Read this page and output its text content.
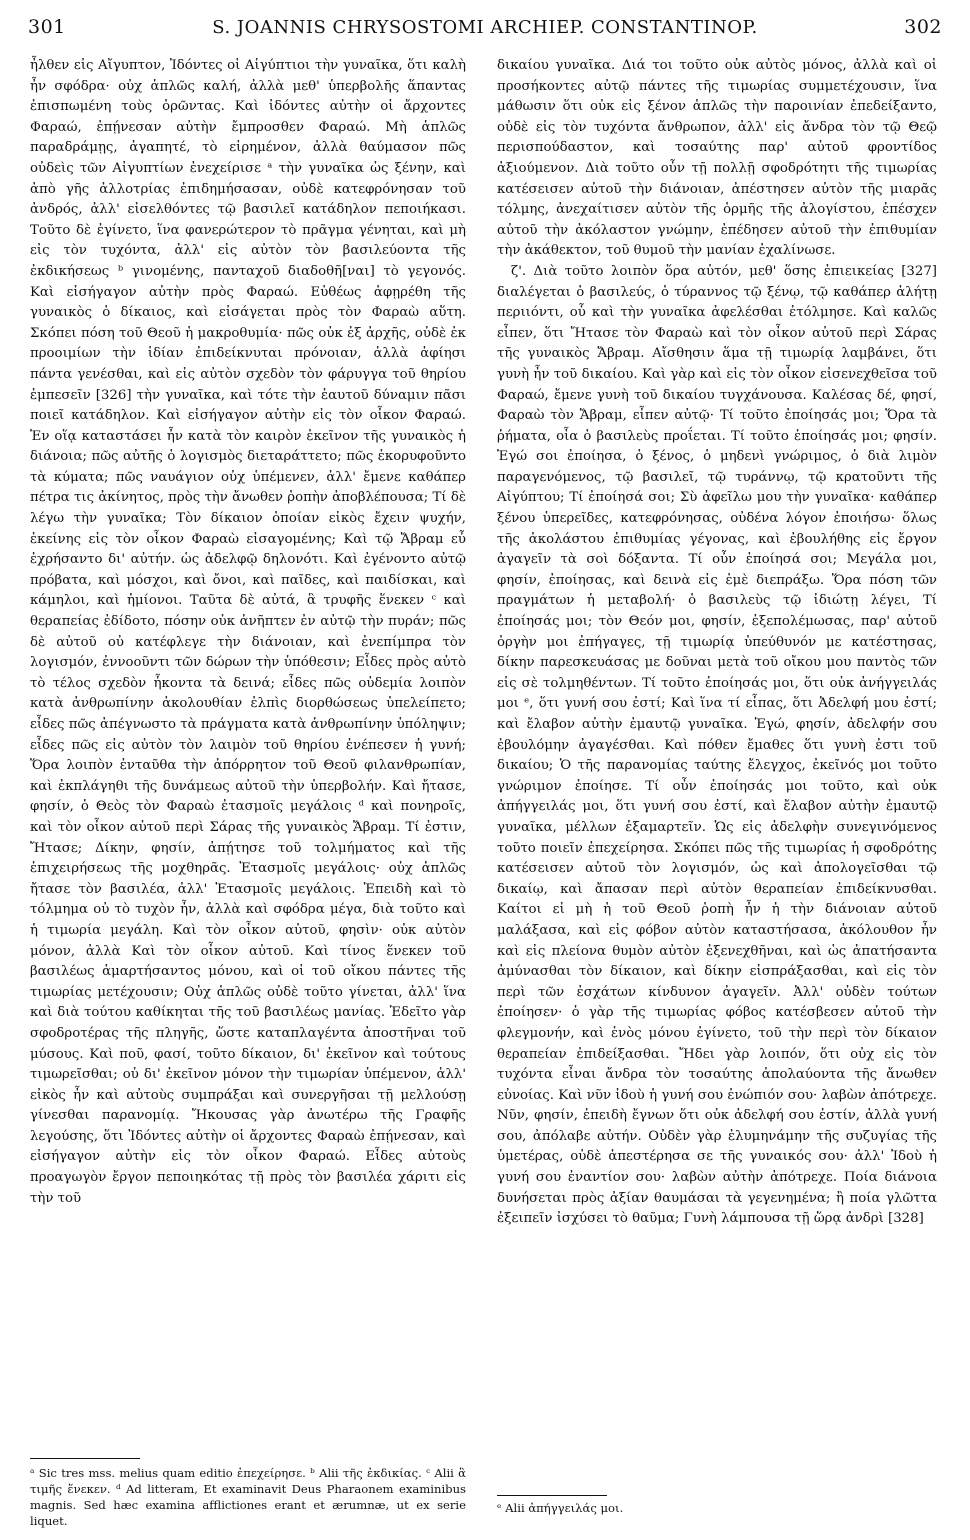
301	S. JOANNIS CHRYSOSTOMI ARCHIEP. CONSTANTINOP.	302

ἦλθεν εἰς Αἴγυπτον, Ἰδόντες οἱ Αἰγύπτιοι τὴν γυναῖκα, ὅτι καλὴ ἦν σφόδρα· οὐχ ἁπλῶς καλή, ἀλλὰ μεθ' ὑπερβολῆς ἅπαντας ἐπισπωμένη τοὺς ὁρῶντας. Καὶ ἰδόντες αὐτὴν οἱ ἄρχοντες Φαραώ, ἐπῄνεσαν αὐτὴν ἔμπροσθεν Φαραώ. Μὴ ἁπλῶς παραδράμῃς, ἀγαπητέ, τὸ εἰρημένον, ἀλλὰ θαύμασον πῶς οὐδεὶς τῶν Αἰγυπτίων ἐνεχείρισε ᵃ τὴν γυναῖκα ὡς ξένην, καὶ ἀπὸ γῆς ἀλλοτρίας ἐπιδημήσασαν, οὐδὲ κατεφρόνησαν τοῦ ἀνδρός, ἀλλ' εἰσελθόντες τῷ βασιλεῖ κατάδηλον πεποιήκασι. Τοῦτο δὲ ἐγίνετο, ἵνα φανερώτερον τὸ πρᾶγμα γένηται, καὶ μὴ εἰς τὸν τυχόντα, ἀλλ' εἰς αὐτὸν τὸν βασιλεύοντα τῆς ἐκδικήσεως ᵇ γινομένης, πανταχοῦ διαδοθῆ[ναι] τὸ γεγονός. Καὶ εἰσήγαγον αὐτὴν πρὸς Φαραώ. Εὐθέως ἀφῃρέθη τῆς γυναικὸς ὁ δίκαιος, καὶ εἰσάγεται πρὸς τὸν Φαραὼ αὕτη. Σκόπει πόση τοῦ Θεοῦ ἡ μακροθυμία· πῶς οὐκ ἐξ ἀρχῆς, οὐδὲ ἐκ προοιμίων τὴν ἰδίαν ἐπιδείκνυται πρόνοιαν, ἀλλὰ ἀφίησι πάντα γενέσθαι, καὶ εἰς αὐτὸν σχεδὸν τὸν φάρυγγα τοῦ θηρίου ἐμπεσεῖν [326] τὴν γυναῖκα, καὶ τότε τὴν ἑαυτοῦ δύναμιν πᾶσι ποιεῖ κατάδηλον. Καὶ εἰσήγαγον αὐτὴν εἰς τὸν οἶκον Φαραώ. Ἐν οἵᾳ καταστάσει ἦν κατὰ τὸν καιρὸν ἐκεῖνον τῆς γυναικὸς ἡ διάνοια; πῶς αὐτῆς ὁ λογισμὸς διεταράττετο; πῶς ἐκορυφοῦντο τὰ κύματα; πῶς ναυάγιον οὐχ ὑπέμενεν, ἀλλ' ἔμενε καθάπερ πέτρα τις ἀκίνητος, πρὸς τὴν ἄνωθεν ῥοπὴν ἀποβλέπουσα; Τί δὲ λέγω τὴν γυναῖκα; Τὸν δίκαιον ὁποίαν εἰκὸς ἔχειν ψυχήν, ἐκείνης εἰς τὸν οἶκον Φαραὼ εἰσαγομένης; Καὶ τῷ Ἄβραμ εὖ ἐχρήσαντο δι' αὐτήν. ὡς ἀδελφῷ δηλονότι. Καὶ ἐγένοντο αὐτῷ πρόβατα, καὶ μόσχοι, καὶ ὄνοι, καὶ παῖδες, καὶ παιδίσκαι, καὶ κάμηλοι, καὶ ἡμίονοι. Ταῦτα δὲ αὐτά, ἃ τρυφῆς ἕνεκεν ᶜ καὶ θεραπείας ἐδίδοτο, πόσην οὐκ ἀνῆπτεν ἐν αὐτῷ τὴν πυράν; πῶς δὲ αὐτοῦ οὐ κατέφλεγε τὴν διάνοιαν, καὶ ἐνεπίμπρα τὸν λογισμόν, ἐννοοῦντι τῶν δώρων τὴν ὑπόθεσιν; Εἶδες πρὸς αὐτὸ τὸ τέλος σχεδὸν ἧκοντα τὰ δεινά; εἶδες πῶς οὐδεμία λοιπὸν κατὰ ἀνθρωπίνην ἀκολουθίαν ἐλπὶς διορθώσεως ὑπελείπετο; εἶδες πῶς ἀπέγνωστο τὰ πράγματα κατὰ ἀνθρωπίνην ὑπόληψιν; εἶδες πῶς εἰς αὐτὸν τὸν λαιμὸν τοῦ θηρίου ἐνέπεσεν ἡ γυνή; Ὅρα λοιπὸν ἐνταῦθα τὴν ἀπόρρητον τοῦ Θεοῦ φιλανθρωπίαν, καὶ ἐκπλάγηθι τῆς δυνάμεως αὐτοῦ τὴν ὑπερβολήν. Καὶ ἤτασε, φησίν, ὁ Θεὸς τὸν Φαραὼ ἐτασμοῖς μεγάλοις ᵈ καὶ πονηροῖς, καὶ τὸν οἶκον αὐτοῦ περὶ Σάρας τῆς γυναικὸς Ἄβραμ. Τί ἐστιν, Ἤτασε; Δίκην, φησίν, ἀπῄτησε τοῦ τολμήματος καὶ τῆς ἐπιχειρήσεως τῆς μοχθηρᾶς. Ἐτασμοῖς μεγάλοις· οὐχ ἁπλῶς ἤτασε τὸν βασιλέα, ἀλλ' Ἐτασμοῖς μεγάλοις. Ἐπειδὴ καὶ τὸ τόλμημα οὐ τὸ τυχὸν ἦν, ἀλλὰ καὶ σφόδρα μέγα, διὰ τοῦτο καὶ ἡ τιμωρία μεγάλη. Καὶ τὸν οἶκον αὐτοῦ, φησὶν· οὐκ αὐτὸν μόνον, ἀλλὰ Καὶ τὸν οἶκον αὐτοῦ. Καὶ τίνος ἕνεκεν τοῦ βασιλέως ἁμαρτήσαντος μόνου, καὶ οἱ τοῦ οἴκου πάντες τῆς τιμωρίας μετέχουσιν; Οὐχ ἁπλῶς οὐδὲ τοῦτο γίνεται, ἀλλ' ἵνα καὶ διὰ τούτου καθίκηται τῆς τοῦ βασιλέως μανίας. Ἐδεῖτο γὰρ σφοδροτέρας τῆς πληγῆς, ὥστε καταπλαγέντα ἀποστῆναι τοῦ μύσους. Καὶ ποῦ, φασί, τοῦτο δίκαιον, δι' ἐκεῖνον καὶ τούτους τιμωρεῖσθαι; οὐ δι' ἐκεῖνον μόνον τὴν τιμωρίαν ὑπέμενον, ἀλλ' εἰκὸς ἦν καὶ αὐτοὺς συμπράξαι καὶ συνεργῆσαι τῇ μελλούσῃ γίνεσθαι παρανομίᾳ. Ἤκουσας γὰρ ἀνωτέρω τῆς Γραφῆς λεγούσης, ὅτι Ἰδόντες αὐτὴν οἱ ἄρχοντες Φαραὼ ἐπῄνεσαν, καὶ εἰσήγαγον αὐτὴν εἰς τὸν οἶκον Φαραώ. Εἶδες αὐτοὺς προαγωγὸν ἔργον πεποιηκότας τῇ πρὸς τὸν βασιλέα χάριτι εἰς τὴν τοῦ

δικαίου γυναῖκα. Διά τοι τοῦτο οὐκ αὐτὸς μόνος, ἀλλὰ καὶ οἱ προσήκοντες αὐτῷ πάντες τῆς τιμωρίας συμμετέχουσιν, ἵνα μάθωσιν ὅτι οὐκ εἰς ξένον ἁπλῶς τὴν παροινίαν ἐπεδείξαντο, οὐδὲ εἰς τὸν τυχόντα ἄνθρωπον, ἀλλ' εἰς ἄνδρα τὸν τῷ Θεῷ περισπούδαστον, καὶ τοσαύτης παρ' αὐτοῦ φροντίδος ἀξιούμενον. Διὰ τοῦτο οὖν τῇ πολλῇ σφοδρότητι τῆς τιμωρίας κατέσεισεν αὐτοῦ τὴν διάνοιαν, ἀπέστησεν αὐτὸν τῆς μιαρᾶς τόλμης, ἀνεχαίτισεν αὐτὸν τῆς ὁρμῆς τῆς ἀλογίστου, ἐπέσχεν αὐτοῦ τὴν ἀκόλαστον γνώμην, ἐπέδησεν αὐτοῦ τὴν ἐπιθυμίαν τὴν ἀκάθεκτον, τοῦ θυμοῦ τὴν μανίαν ἐχαλίνωσε.

ζ'. Διὰ τοῦτο λοιπὸν ὅρα αὐτόν, μεθ' ὅσης ἐπιεικείας [327] διαλέγεται ὁ βασιλεύς, ὁ τύραννος τῷ ξένῳ, τῷ καθάπερ ἀλήτῃ περιιόντι, οὗ καὶ τὴν γυναῖκα ἀφελέσθαι ἐτόλμησε. Καὶ καλῶς εἶπεν, ὅτι Ἤτασε τὸν Φαραὼ καὶ τὸν οἶκον αὐτοῦ περὶ Σάρας τῆς γυναικὸς Ἄβραμ. Αἴσθησιν ἅμα τῇ τιμωρίᾳ λαμβάνει, ὅτι γυνὴ ἦν τοῦ δικαίου. Καὶ γὰρ καὶ εἰς τὸν οἶκον εἰσενεχθεῖσα τοῦ Φαραώ, ἔμενε γυνὴ τοῦ δικαίου τυγχάνουσα. Καλέσας δέ, φησί, Φαραὼ τὸν Ἄβραμ, εἶπεν αὐτῷ· Τί τοῦτο ἐποίησάς μοι; Ὅρα τὰ ῥήματα, οἷα ὁ βασιλεὺς προΐεται. Τί τοῦτο ἐποίησάς μοι; φησίν. Ἐγώ σοι ἐποίησα, ὁ ξένος, ὁ μηδενὶ γνώριμος, ὁ διὰ λιμὸν παραγενόμενος, τῷ βασιλεῖ, τῷ τυράννῳ, τῷ κρατοῦντι τῆς Αἰγύπτου; Τί ἐποίησά σοι; Σὺ ἀφεῖλω μου τὴν γυναῖκα· καθάπερ ξένου ὑπερεῖδες, κατεφρόνησας, οὐδένα λόγον ἐποιήσω· ὅλως τῆς ἀκολάστου ἐπιθυμίας γέγονας, καὶ ἐβουλήθης εἰς ἔργον ἀγαγεῖν τὰ σοὶ δόξαντα. Τί οὖν ἐποίησά σοι; Μεγάλα μοι, φησίν, ἐποίησας, καὶ δεινὰ εἰς ἐμὲ διεπράξω. Ὅρα πόση τῶν πραγμάτων ἡ μεταβολή· ὁ βασιλεὺς τῷ ἰδιώτῃ λέγει, Τί ἐποίησάς μοι; τὸν Θεόν μοι, φησίν, ἐξεπολέμωσας, παρ' αὐτοῦ ὀργὴν μοι ἐπήγαγες, τῇ τιμωρίᾳ ὑπεύθυνόν με κατέστησας, δίκην παρεσκευάσας με δοῦναι μετὰ τοῦ οἴκου μου παντὸς τῶν εἰς σὲ τολμηθέντων. Τί τοῦτο ἐποίησάς μοι, ὅτι οὐκ ἀνήγγειλάς μοι ᵉ, ὅτι γυνή σου ἐστί; Καὶ ἵνα τί εἶπας, ὅτι Ἀδελφή μου ἐστί; καὶ ἔλαβον αὐτὴν ἐμαυτῷ γυναῖκα. Ἐγώ, φησίν, ἀδελφήν σου ἐβουλόμην ἀγαγέσθαι. Καὶ πόθεν ἔμαθες ὅτι γυνὴ ἐστι τοῦ δικαίου; Ὁ τῆς παρανομίας ταύτης ἔλεγχος, ἐκεῖνός μοι τοῦτο γνώριμον ἐποίησε. Τί οὖν ἐποίησάς μοι τοῦτο, καὶ οὐκ ἀπήγγειλάς μοι, ὅτι γυνή σου ἐστί, καὶ ἔλαβον αὐτὴν ἐμαυτῷ γυναῖκα, μέλλων ἐξαμαρτεῖν. Ὡς εἰς ἀδελφὴν συνεγινόμενος τοῦτο ποιεῖν ἐπεχείρησα. Σκόπει πῶς τῆς τιμωρίας ἡ σφοδρότης κατέσεισεν αὐτοῦ τὸν λογισμόν, ὡς καὶ ἀπολογεῖσθαι τῷ δικαίῳ, καὶ ἄπασαν περὶ αὐτὸν θεραπείαν ἐπιδείκνυσθαι. Καίτοι εἰ μὴ ἡ τοῦ Θεοῦ ῥοπὴ ἦν ἡ τὴν διάνοιαν αὐτοῦ μαλάξασα, καὶ εἰς φόβον αὐτὸν καταστήσασα, ἀκόλουθον ἦν καὶ εἰς πλείονα θυμὸν αὐτὸν ἐξενεχθῆναι, καὶ ὡς ἀπατήσαντα ἀμύνασθαι τὸν δίκαιον, καὶ δίκην εἰσπράξασθαι, καὶ εἰς τὸν περὶ τῶν ἐσχάτων κίνδυνον ἀγαγεῖν. Ἀλλ' οὐδὲν τούτων ἐποίησεν· ὁ γὰρ τῆς τιμωρίας φόβος κατέσβεσεν αὐτοῦ τὴν φλεγμονήν, καὶ ἑνὸς μόνου ἐγίνετο, τοῦ τὴν περὶ τὸν δίκαιον θεραπείαν ἐπιδείξασθαι. Ἤδει γὰρ λοιπόν, ὅτι οὐχ εἰς τὸν τυχόντα εἶναι ἄνδρα τὸν τοσαύτης ἀπολαύοντα τῆς ἄνωθεν εὐνοίας. Καὶ νῦν ἰδοὺ ἡ γυνή σου ἐνώπιόν σου· λαβὼν ἀπότρεχε. Νῦν, φησίν, ἐπειδὴ ἔγνων ὅτι οὐκ ἀδελφή σου ἐστίν, ἀλλὰ γυνή σου, ἀπόλαβε αὐτήν. Οὐδὲν γὰρ ἐλυμηνάμην τῆς συζυγίας τῆς ὑμετέρας, οὐδὲ ἀπεστέρησα σε τῆς γυναικός σου· ἀλλ' Ἰδοὺ ἡ γυνή σου ἐναντίον σου· λαβὼν αὐτὴν ἀπότρεχε. Ποία διάνοια δυνήσεται πρὸς ἀξίαν θαυμάσαι τὰ γεγενημένα; ἢ ποία γλῶττα ἐξειπεῖν ἰσχύσει τὸ θαῦμα; Γυνὴ λάμπουσα τῇ ὥρᾳ ἀνδρὶ [328]

ᵃ Sic tres mss. melius quam editio ἐπεχείρησε. ᵇ Alii τῆς ἐκδικίας. ᶜ Alii ἃ τιμῆς ἕνεκεν. ᵈ Ad litteram, Et examinavit Deus Pharaonem examinibus magnis. Sed hæc examina afflictiones erant et ærumnæ, ut ex serie liquet.
ᵉ Alii ἀπήγγειλάς μοι.
